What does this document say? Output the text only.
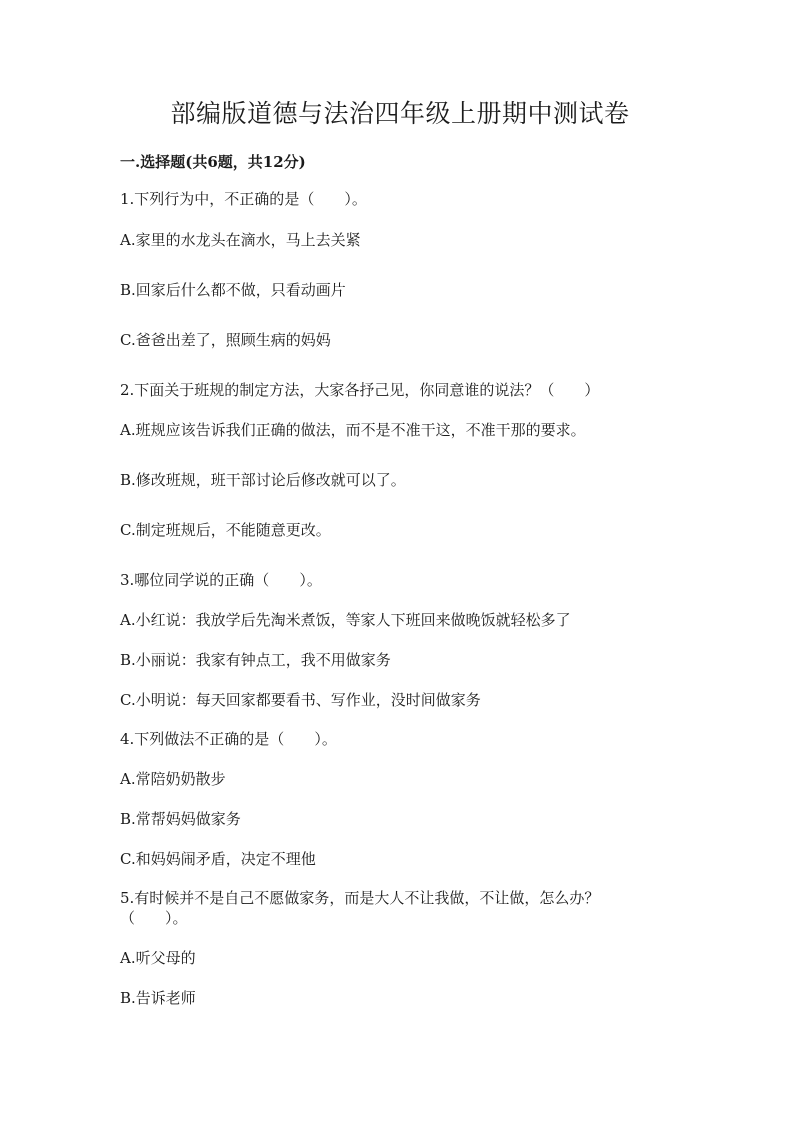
部编版道德与法治四年级上册期中测试卷
一.选择题(共6题，共12分)
1.下列行为中，不正确的是（　　）。
A.家里的水龙头在滴水，马上去关紧
B.回家后什么都不做，只看动画片
C.爸爸出差了，照顾生病的妈妈
2.下面关于班规的制定方法，大家各抒己见，你同意谁的说法？（　　）
A.班规应该告诉我们正确的做法，而不是不准干这，不准干那的要求。
B.修改班规，班干部讨论后修改就可以了。
C.制定班规后，不能随意更改。
3.哪位同学说的正确（　　）。
A.小红说：我放学后先淘米煮饭，等家人下班回来做晚饭就轻松多了
B.小丽说：我家有钟点工，我不用做家务
C.小明说：每天回家都要看书、写作业，没时间做家务
4.下列做法不正确的是（　　）。
A.常陪奶奶散步
B.常帮妈妈做家务
C.和妈妈闹矛盾，决定不理他
5.有时候并不是自己不愿做家务，而是大人不让我做，不让做，怎么办？
（　　）。
A.听父母的
B.告诉老师
